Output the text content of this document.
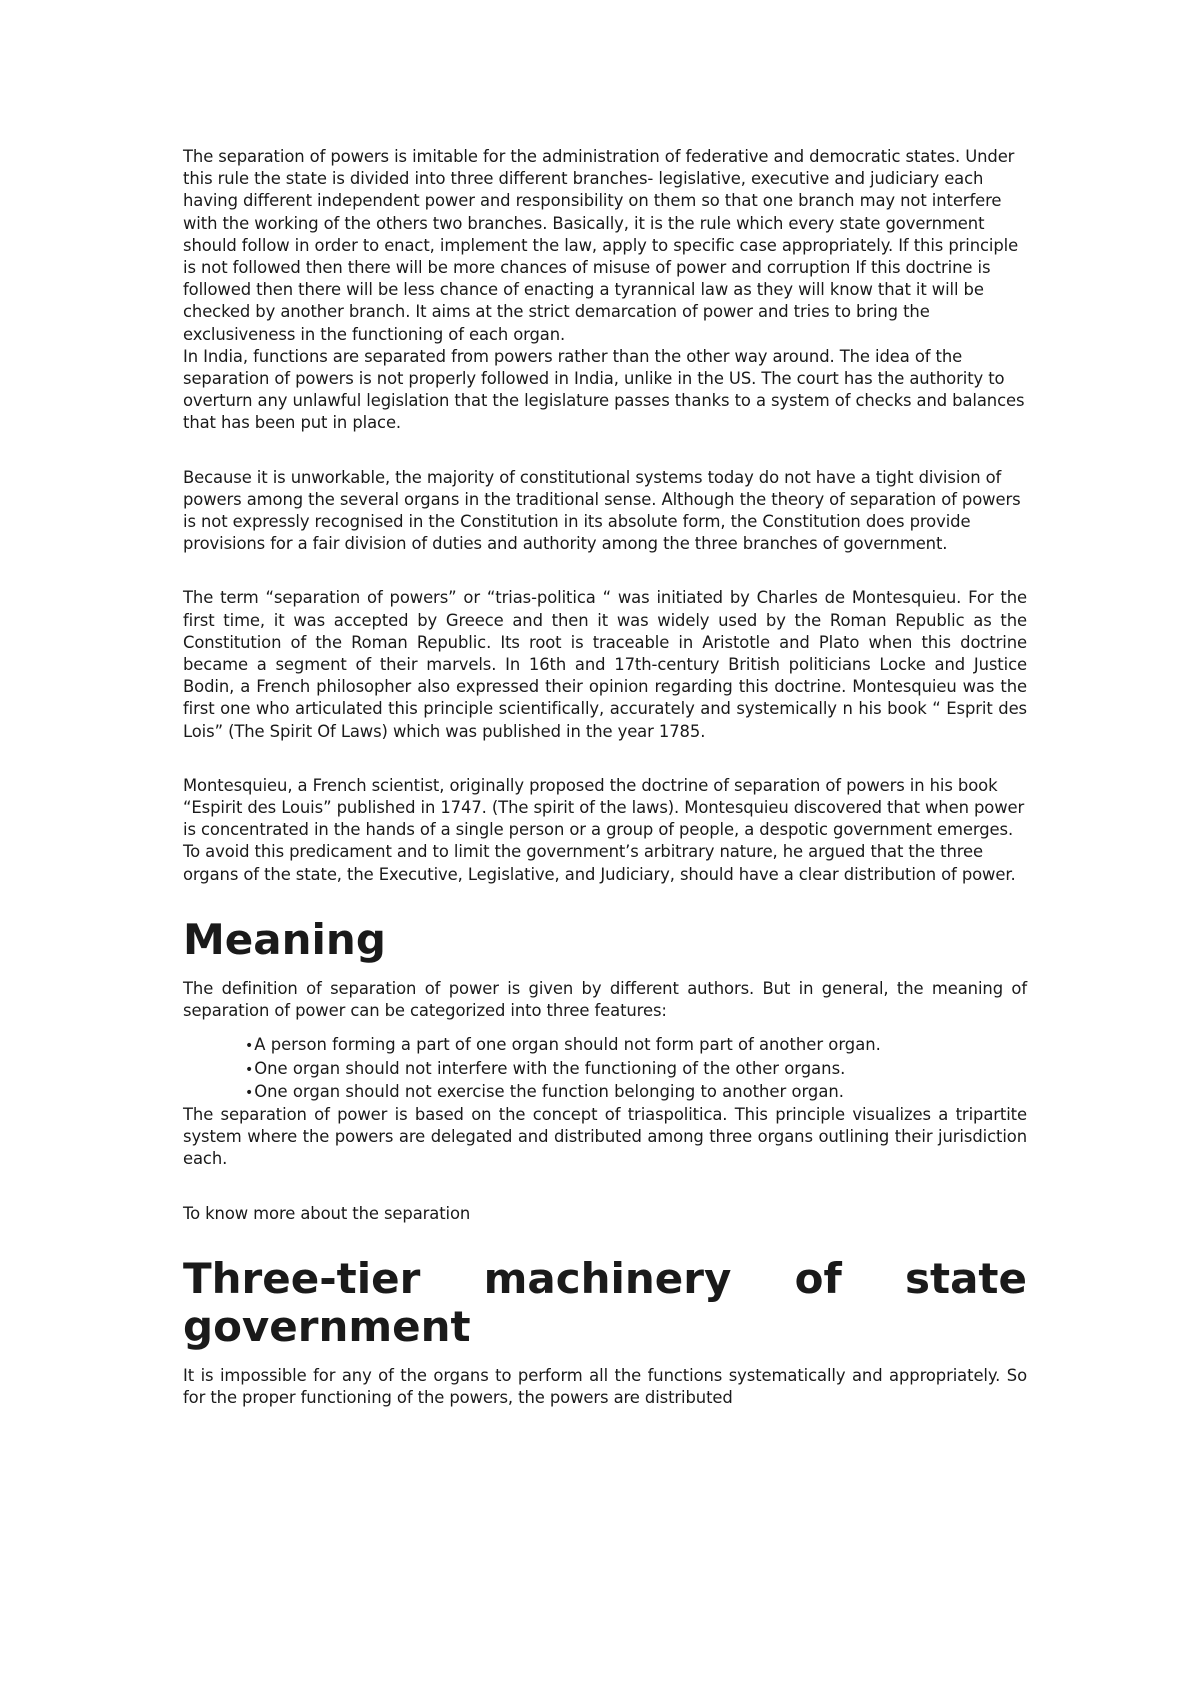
The separation of powers is imitable for the administration of federative and democratic states. Under this rule the state is divided into three different branches- legislative, executive and judiciary each having different independent power and responsibility on them so that one branch may not interfere with the working of the others two branches. Basically, it is the rule which every state government should follow in order to enact, implement the law, apply to specific case appropriately. If this principle is not followed then there will be more chances of misuse of power and corruption If this doctrine is followed then there will be less chance of enacting a tyrannical law as they will know that it will be checked by another branch. It aims at the strict demarcation of power and tries to bring the exclusiveness in the functioning of each organ.

In India, functions are separated from powers rather than the other way around. The idea of the separation of powers is not properly followed in India, unlike in the US. The court has the authority to overturn any unlawful legislation that the legislature passes thanks to a system of checks and balances that has been put in place.

Because it is unworkable, the majority of constitutional systems today do not have a tight division of powers among the several organs in the traditional sense. Although the theory of separation of powers is not expressly recognised in the Constitution in its absolute form, the Constitution does provide provisions for a fair division of duties and authority among the three branches of government.

The term “separation of powers” or “trias-politica “ was initiated by Charles de Montesquieu. For the first time, it was accepted by Greece and then it was widely used by the Roman Republic as the Constitution of the Roman Republic. Its root is traceable in Aristotle and Plato when this doctrine became a segment of their marvels. In 16th and 17th-century British politicians Locke and Justice Bodin, a French philosopher also expressed their opinion regarding this doctrine. Montesquieu was the first one who articulated this principle scientifically, accurately and systemically n his book “ Esprit des Lois” (The Spirit Of Laws) which was published in the year 1785.

Montesquieu, a French scientist, originally proposed the doctrine of separation of powers in his book “Espirit des Louis” published in 1747. (The spirit of the laws). Montesquieu discovered that when power is concentrated in the hands of a single person or a group of people, a despotic government emerges. To avoid this predicament and to limit the government’s arbitrary nature, he argued that the three organs of the state, the Executive, Legislative, and Judiciary, should have a clear distribution of power.

Meaning

The definition of separation of power is given by different authors. But in general, the meaning of separation of power can be categorized into three features:

•A person forming a part of one organ should not form part of another organ.
•One organ should not interfere with the functioning of the other organs.
•One organ should not exercise the function belonging to another organ.

The separation of power is based on the concept of triaspolitica. This principle visualizes a tripartite system where the powers are delegated and distributed among three organs outlining their jurisdiction each.

To know more about the separation

Three-tier machinery of state government

It is impossible for any of the organs to perform all the functions systematically and appropriately. So for the proper functioning of the powers, the powers are distributed
